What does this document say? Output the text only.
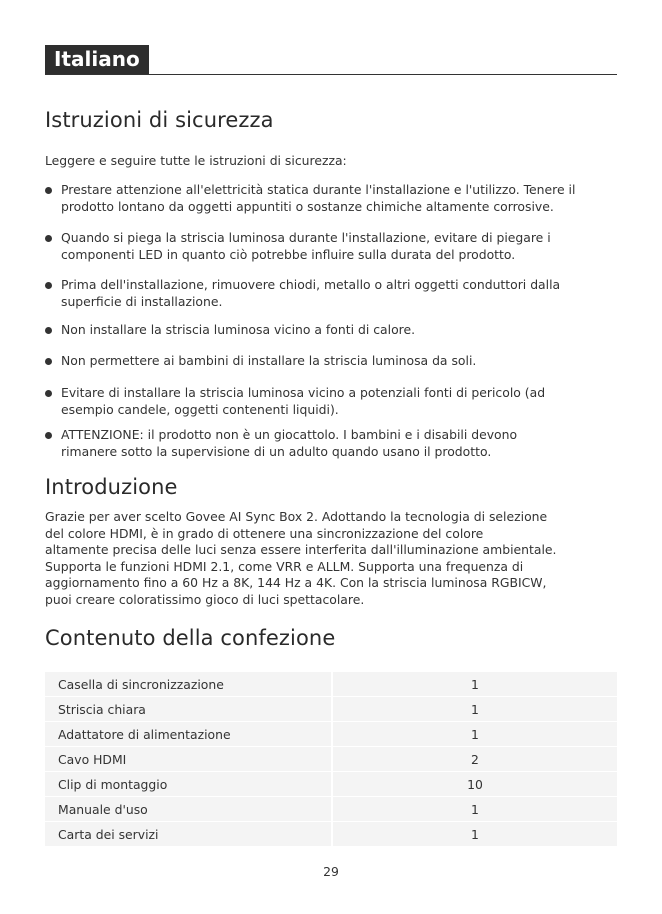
Italiano
Istruzioni di sicurezza

Leggere e seguire tutte le istruzioni di sicurezza:

Prestare attenzione all'elettricità statica durante l'installazione e l'utilizzo. Tenere il
prodotto lontano da oggetti appuntiti o sostanze chimiche altamente corrosive.
Quando si piega la striscia luminosa durante l'installazione, evitare di piegare i
componenti LED in quanto ciò potrebbe influire sulla durata del prodotto.
Prima dell'installazione, rimuovere chiodi, metallo o altri oggetti conduttori dalla
superficie di installazione.
Non installare la striscia luminosa vicino a fonti di calore.
Non permettere ai bambini di installare la striscia luminosa da soli.
Evitare di installare la striscia luminosa vicino a potenziali fonti di pericolo (ad
esempio candele, oggetti contenenti liquidi).
ATTENZIONE: il prodotto non è un giocattolo. I bambini e i disabili devono
rimanere sotto la supervisione di un adulto quando usano il prodotto.
Introduzione
Grazie per aver scelto Govee AI Sync Box 2. Adottando la tecnologia di selezione
del colore HDMI, è in grado di ottenere una sincronizzazione del colore
altamente precisa delle luci senza essere interferita dall'illuminazione ambientale.
Supporta le funzioni HDMI 2.1, come VRR e ALLM. Supporta una frequenza di
aggiornamento fino a 60 Hz a 8K, 144 Hz a 4K. Con la striscia luminosa RGBICW,
puoi creare coloratissimo gioco di luci spettacolare.
Contenuto della confezione
Casella di sincronizzazione	1
Striscia chiara	1
Adattatore di alimentazione	1
Cavo HDMI	2
Clip di montaggio	10
Manuale d'uso	1
Carta dei servizi	1
29
